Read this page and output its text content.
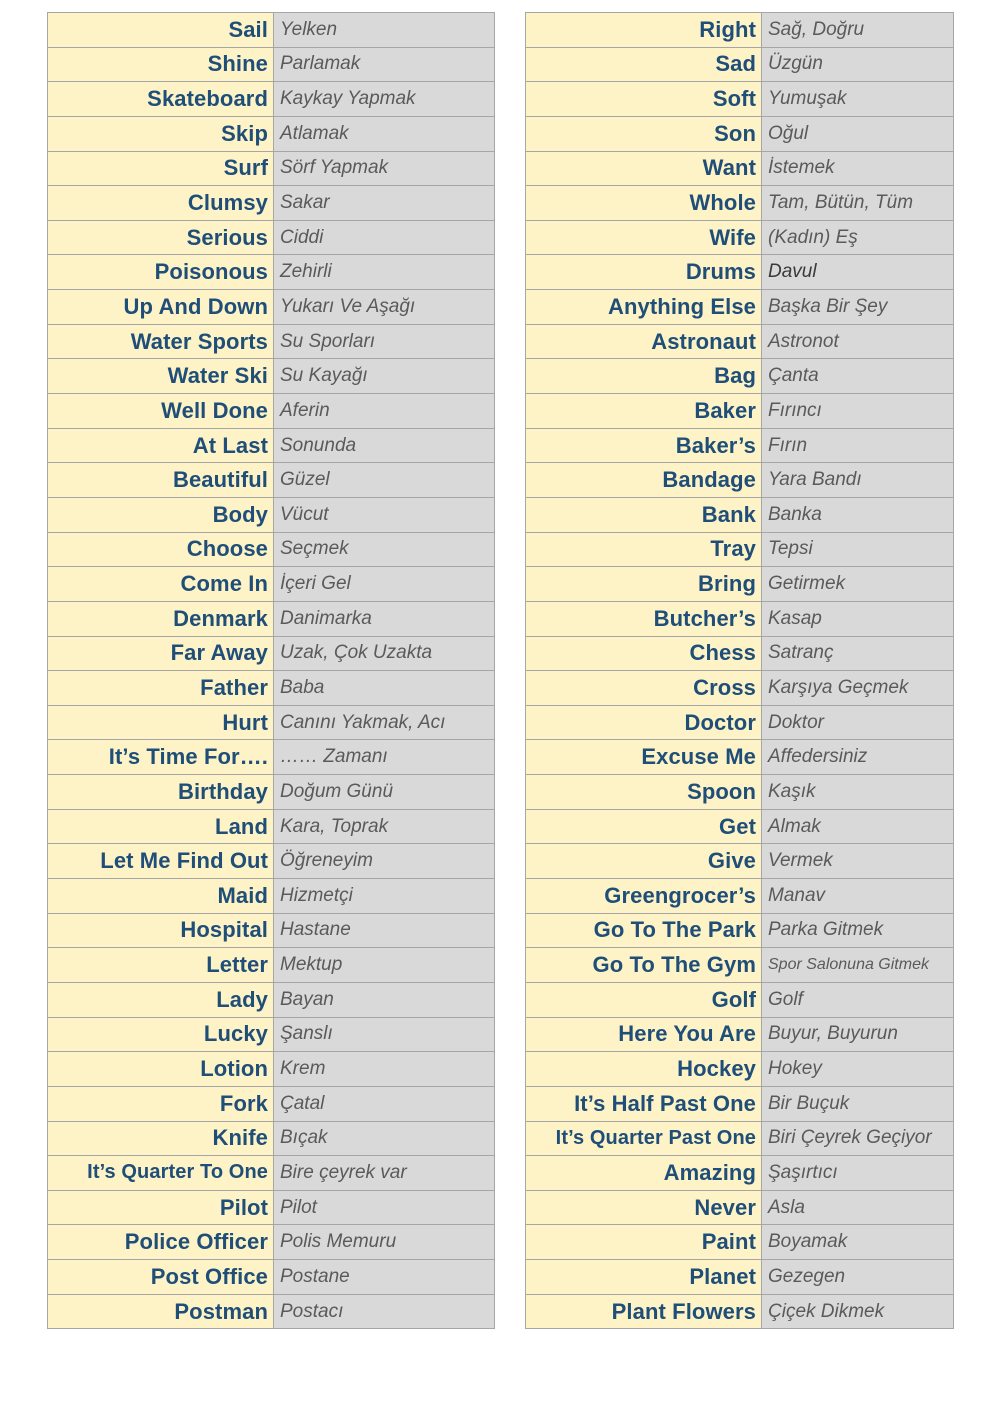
Sail	Yelken
Shine	Parlamak
Skateboard	Kaykay Yapmak
Skip	Atlamak
Surf	Sörf Yapmak
Clumsy	Sakar
Serious	Ciddi
Poisonous	Zehirli
Up And Down	Yukarı Ve Aşağı
Water Sports	Su Sporları
Water Ski	Su Kayağı
Well Done	Aferin
At Last	Sonunda
Beautiful	Güzel
Body	Vücut
Choose	Seçmek
Come In	İçeri Gel
Denmark	Danimarka
Far Away	Uzak, Çok Uzakta
Father	Baba
Hurt	Canını Yakmak, Acı
It’s Time For….	…… Zamanı
Birthday	Doğum Günü
Land	Kara, Toprak
Let Me Find Out	Öğreneyim
Maid	Hizmetçi
Hospital	Hastane
Letter	Mektup
Lady	Bayan
Lucky	Şanslı
Lotion	Krem
Fork	Çatal
Knife	Bıçak
It’s Quarter To One	Bire çeyrek var
Pilot	Pilot
Police Officer	Polis Memuru
Post Office	Postane
Postman	Postacı
Right	Sağ, Doğru
Sad	Üzgün
Soft	Yumuşak
Son	Oğul
Want	İstemek
Whole	Tam, Bütün, Tüm
Wife	(Kadın) Eş
Drums	Davul
Anything Else	Başka Bir Şey
Astronaut	Astronot
Bag	Çanta
Baker	Fırıncı
Baker’s	Fırın
Bandage	Yara Bandı
Bank	Banka
Tray	Tepsi
Bring	Getirmek
Butcher’s	Kasap
Chess	Satranç
Cross	Karşıya Geçmek
Doctor	Doktor
Excuse Me	Affedersiniz
Spoon	Kaşık
Get	Almak
Give	Vermek
Greengrocer’s	Manav
Go To The Park	Parka Gitmek
Go To The Gym	Spor Salonuna Gitmek
Golf	Golf
Here You Are	Buyur, Buyurun
Hockey	Hokey
It’s Half Past One	Bir Buçuk
It’s Quarter Past One	Biri Çeyrek Geçiyor
Amazing	Şaşırtıcı
Never	Asla
Paint	Boyamak
Planet	Gezegen
Plant Flowers	Çiçek Dikmek
